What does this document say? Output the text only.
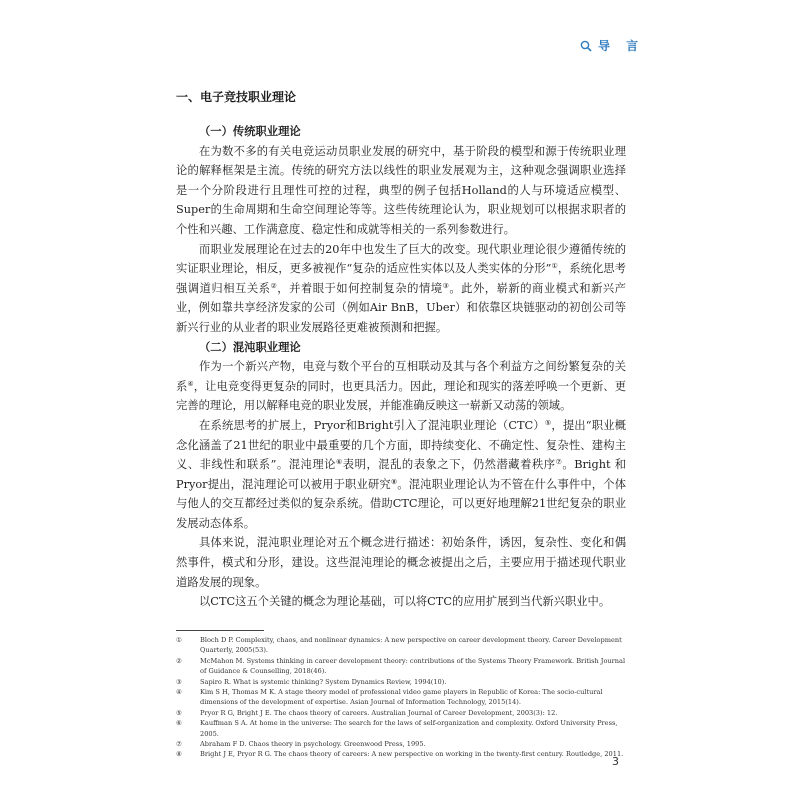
导 言
一、电子竞技职业理论

（一）传统职业理论

在为数不多的有关电竞运动员职业发展的研究中，基于阶段的模型和源于传统职业理论的解释框架是主流。传统的研究方法以线性的职业发展观为主，这种观念强调职业选择是一个分阶段进行且理性可控的过程，典型的例子包括Holland的人与环境适应模型、Super的生命周期和生命空间理论等等。这些传统理论认为，职业规划可以根据求职者的个性和兴趣、工作满意度、稳定性和成就等相关的一系列参数进行。

而职业发展理论在过去的20年中也发生了巨大的改变。现代职业理论很少遵循传统的实证职业理论，相反，更多被视作“复杂的适应性实体以及人类实体的分形”①，系统化思考强调道归相互关系②，并着眼于如何控制复杂的情境③。此外，崭新的商业模式和新兴产业，例如靠共享经济发家的公司（例如Air BnB，Uber）和依靠区块链驱动的初创公司等新兴行业的从业者的职业发展路径更难被预测和把握。

（二）混沌职业理论

作为一个新兴产物，电竞与数个平台的互相联动及其与各个利益方之间纷繁复杂的关系④，让电竞变得更复杂的同时，也更具活力。因此，理论和现实的落差呼唤一个更新、更完善的理论，用以解释电竞的职业发展，并能准确反映这一崭新又动荡的领域。

在系统思考的扩展上，Pryor和Bright引入了混沌职业理论（CTC）⑤，提出“职业概念化涵盖了21世纪的职业中最重要的几个方面，即持续变化、不确定性、复杂性、建构主义、非线性和联系”。混沌理论⑥表明，混乱的表象之下，仍然潜藏着秩序⑦。Bright 和 Pryor提出，混沌理论可以被用于职业研究⑧。混沌职业理论认为不管在什么事件中，个体与他人的交互都经过类似的复杂系统。借助CTC理论，可以更好地理解21世纪复杂的职业发展动态体系。

具体来说，混沌职业理论对五个概念进行描述：初始条件，诱因，复杂性、变化和偶然事件，模式和分形，建设。这些混沌理论的概念被提出之后，主要应用于描述现代职业道路发展的现象。

以CTC这五个关键的概念为理论基础，可以将CTC的应用扩展到当代新兴职业中。

①	Bloch D P. Complexity, chaos, and nonlinear dynamics: A new perspective on career development theory. Career Development Quarterly, 2005(53).
②	McMahon M. Systems thinking in career development theory: contributions of the Systems Theory Framework. British Journal of Guidance & Counselling, 2018(46).
③	Sapiro R. What is systemic thinking? System Dynamics Review, 1994(10).
④	Kim S H, Thomas M K. A stage theory model of professional video game players in Republic of Korea: The socio-cultural dimensions of the development of expertise. Asian Journal of Information Technology, 2015(14).
⑤	Pryor R G, Bright J E. The chaos theory of careers. Australian Journal of Career Development, 2003(3): 12.
⑥	Kauffman S A. At home in the universe: The search for the laws of self-organization and complexity. Oxford University Press, 2005.
⑦	Abraham F D. Chaos theory in psychology. Greenwood Press, 1995.
⑧	Bright J E, Pryor R G. The chaos theory of careers: A new perspective on working in the twenty-first century. Routledge, 2011.
3
